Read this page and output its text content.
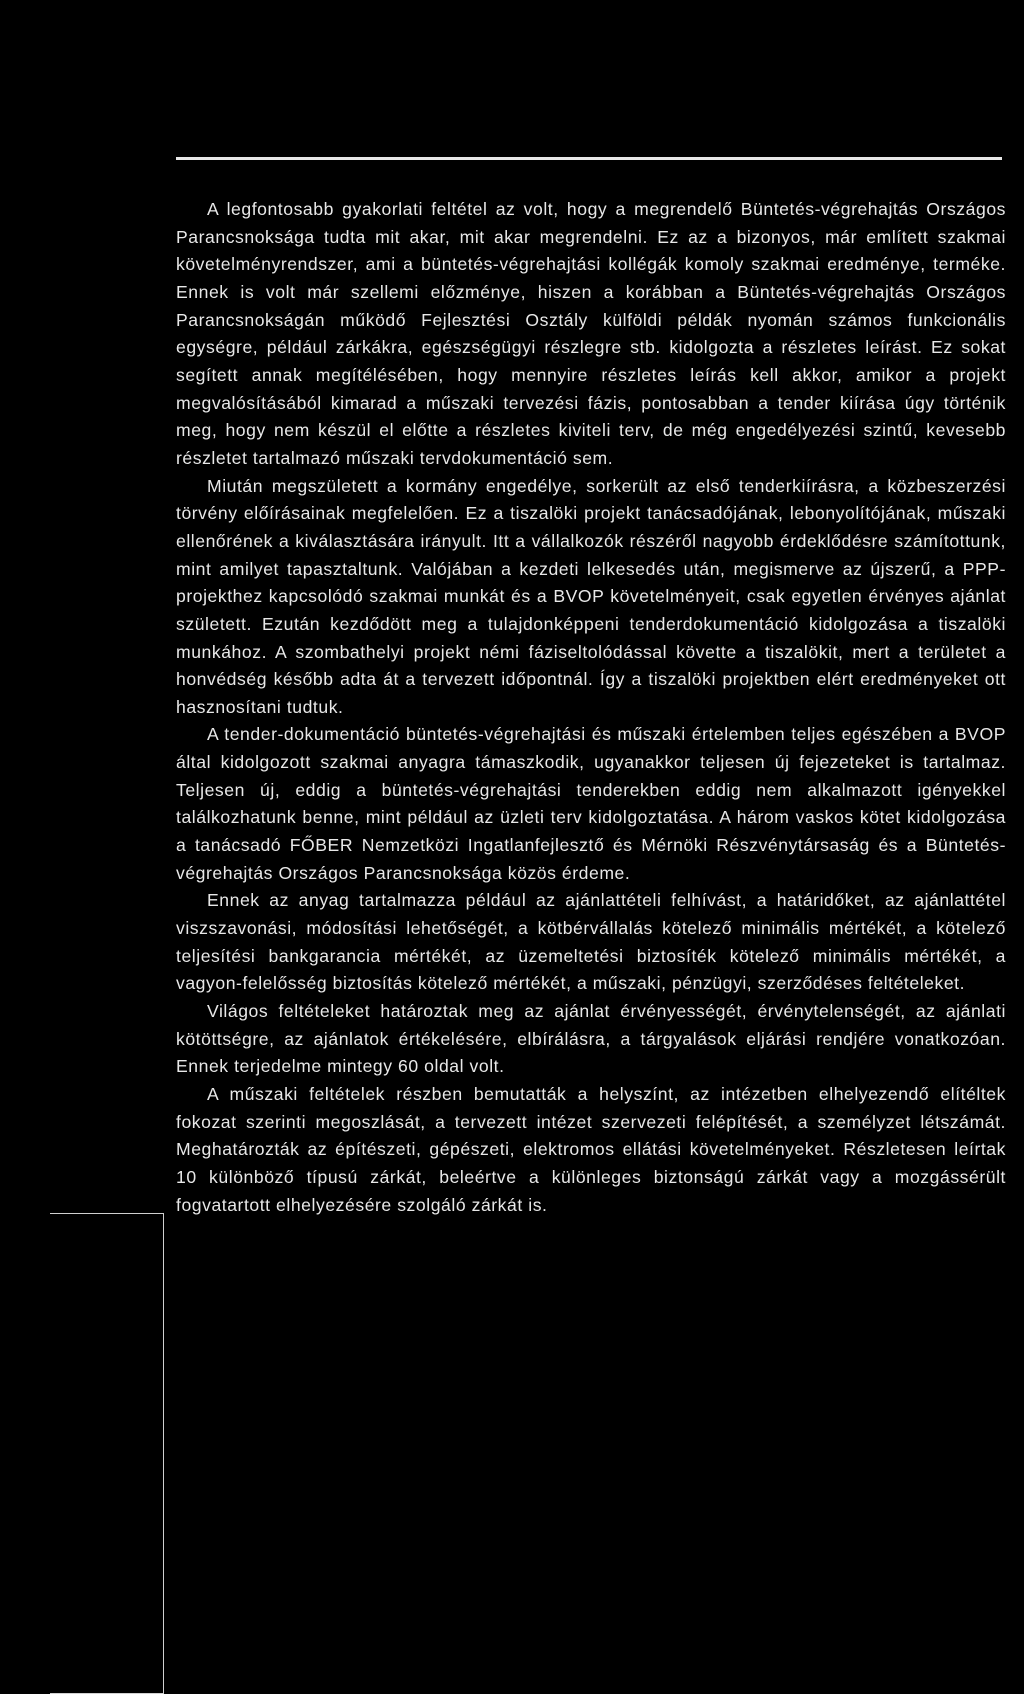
A legfontosabb gyakorlati feltétel az volt, hogy a megrendelő Büntetés-végrehajtás Országos Parancsnoksága tudta mit akar, mit akar megrendelni. Ez az a bizonyos, már említett szakmai követelményrendszer, ami a büntetés-végrehajtási kollégák komoly szakmai eredménye, terméke. Ennek is volt már szellemi előzménye, hiszen a korábban a Büntetés-végrehajtás Országos Parancsnokságán működő Fejlesztési Osztály külföldi példák nyomán számos funkcionális egységre, például zárkákra, egészségügyi részlegre stb. kidolgozta a részletes leírást. Ez sokat segített annak megítélésében, hogy mennyire részletes leírás kell akkor, amikor a projekt megvalósításából kimarad a műszaki tervezési fázis, pontosabban a tender kiírása úgy történik meg, hogy nem készül el előtte a részletes kiviteli terv, de még engedélyezési szintű, kevesebb részletet tartalmazó műszaki tervdokumentáció sem.

Miután megszületett a kormány engedélye, sorkerült az első tenderkiírásra, a közbeszerzési törvény előírásainak megfelelően. Ez a tiszalöki projekt tanácsadójának, lebonyolítójának, műszaki ellenőrének a kiválasztására irányult. Itt a vállalkozók részéről nagyobb érdeklődésre számítottunk, mint amilyet tapasztaltunk. Valójában a kezdeti lelkesedés után, megismerve az újszerű, a PPP-projekthez kapcsolódó szakmai munkát és a BVOP követelményeit, csak egyetlen érvényes ajánlat született. Ezután kezdődött meg a tulajdonképpeni tenderdokumentáció kidolgozása a tiszalöki munkához. A szombathelyi projekt némi fáziseltolódással követte a tiszalökit, mert a területet a honvédség később adta át a tervezett időpontnál. Így a tiszalöki projektben elért eredményeket ott hasznosítani tudtuk.

A tender-dokumentáció büntetés-végrehajtási és műszaki értelemben teljes egészében a BVOP által kidolgozott szakmai anyagra támaszkodik, ugyanakkor teljesen új fejezeteket is tartalmaz. Teljesen új, eddig a büntetés-végrehajtási tenderekben eddig nem alkalmazott igényekkel találkozhatunk benne, mint például az üzleti terv kidolgoztatása. A három vaskos kötet kidolgozása a tanácsadó FŐBER Nemzetközi Ingatlanfejlesztő és Mérnöki Részvénytársaság és a Büntetés-végrehajtás Országos Parancsnoksága közös érdeme.

Ennek az anyag tartalmazza például az ajánlattételi felhívást, a határidőket, az ajánlattétel viszszavonási, módosítási lehetőségét, a kötbérvállalás kötelező minimális mértékét, a kötelező teljesítési bankgarancia mértékét, az üzemeltetési biztosíték kötelező minimális mértékét, a vagyon-felelősség biztosítás kötelező mértékét, a műszaki, pénzügyi, szerződéses feltételeket.

Világos feltételeket határoztak meg az ajánlat érvényességét, érvénytelenségét, az ajánlati kötöttségre, az ajánlatok értékelésére, elbírálásra, a tárgyalások eljárási rendjére vonatkozóan. Ennek terjedelme mintegy 60 oldal volt.

A műszaki feltételek részben bemutatták a helyszínt, az intézetben elhelyezendő elítéltek fokozat szerinti megoszlását, a tervezett intézet szervezeti felépítését, a személyzet létszámát. Meghatározták az építészeti, gépészeti, elektromos ellátási követelményeket. Részletesen leírtak 10 különböző típusú zárkát, beleértve a különleges biztonságú zárkát vagy a mozgássérült fogvatartott elhelyezésére szolgáló zárkát is.
